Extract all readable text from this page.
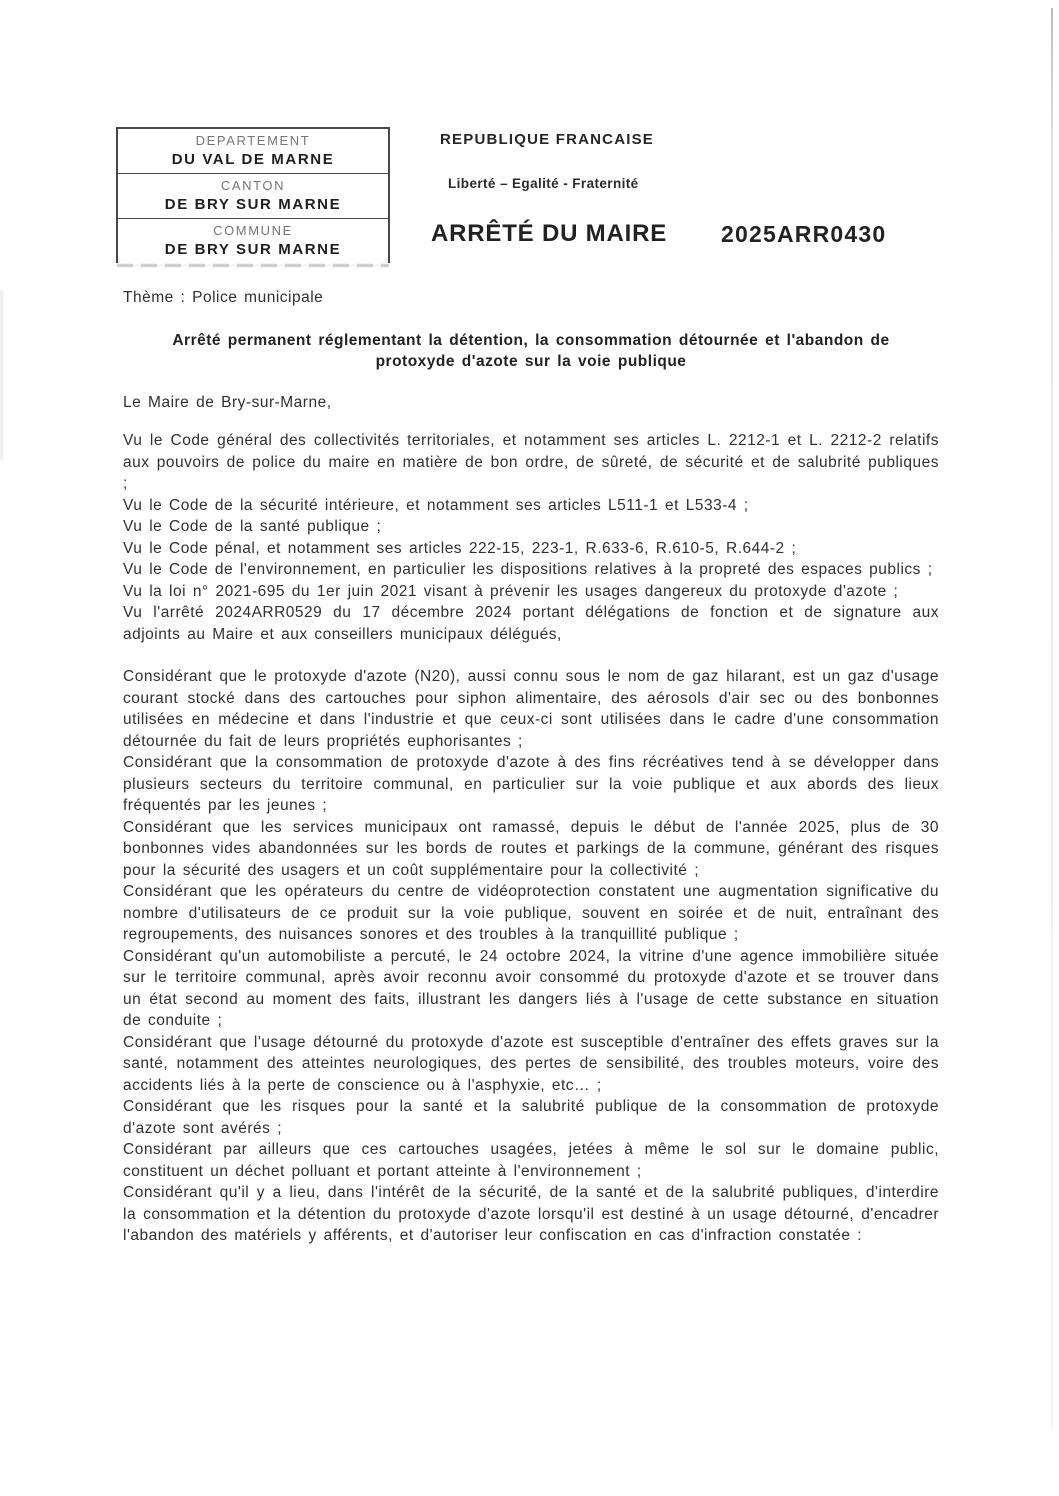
DEPARTEMENT
DU VAL DE MARNE
CANTON
DE BRY SUR MARNE
COMMUNE
DE BRY SUR MARNE
REPUBLIQUE FRANCAISE
Liberté – Egalité - Fraternité
ARRÊTÉ DU MAIRE 2025ARR0430

Thème : Police municipale

Arrêté permanent réglementant la détention, la consommation détournée et l'abandon de protoxyde d'azote sur la voie publique

Le Maire de Bry-sur-Marne,

Vu le Code général des collectivités territoriales, et notamment ses articles L. 2212-1 et L. 2212-2 relatifs aux pouvoirs de police du maire en matière de bon ordre, de sûreté, de sécurité et de salubrité publiques ;

Vu le Code de la sécurité intérieure, et notamment ses articles L511-1 et L533-4 ;

Vu le Code de la santé publique ;

Vu le Code pénal, et notamment ses articles 222-15, 223-1, R.633-6, R.610-5, R.644-2 ;

Vu le Code de l'environnement, en particulier les dispositions relatives à la propreté des espaces publics ;

Vu la loi n° 2021-695 du 1er juin 2021 visant à prévenir les usages dangereux du protoxyde d'azote ;

Vu l'arrêté 2024ARR0529 du 17 décembre 2024 portant délégations de fonction et de signature aux adjoints au Maire et aux conseillers municipaux délégués,

Considérant que le protoxyde d'azote (N20), aussi connu sous le nom de gaz hilarant, est un gaz d'usage courant stocké dans des cartouches pour siphon alimentaire, des aérosols d'air sec ou des bonbonnes utilisées en médecine et dans l'industrie et que ceux-ci sont utilisées dans le cadre d'une consommation détournée du fait de leurs propriétés euphorisantes ;

Considérant que la consommation de protoxyde d'azote à des fins récréatives tend à se développer dans plusieurs secteurs du territoire communal, en particulier sur la voie publique et aux abords des lieux fréquentés par les jeunes ;

Considérant que les services municipaux ont ramassé, depuis le début de l'année 2025, plus de 30 bonbonnes vides abandonnées sur les bords de routes et parkings de la commune, générant des risques pour la sécurité des usagers et un coût supplémentaire pour la collectivité ;

Considérant que les opérateurs du centre de vidéoprotection constatent une augmentation significative du nombre d'utilisateurs de ce produit sur la voie publique, souvent en soirée et de nuit, entraînant des regroupements, des nuisances sonores et des troubles à la tranquillité publique ;

Considérant qu'un automobiliste a percuté, le 24 octobre 2024, la vitrine d'une agence immobilière située sur le territoire communal, après avoir reconnu avoir consommé du protoxyde d'azote et se trouver dans un état second au moment des faits, illustrant les dangers liés à l'usage de cette substance en situation de conduite ;

Considérant que l'usage détourné du protoxyde d'azote est susceptible d'entraîner des effets graves sur la santé, notamment des atteintes neurologiques, des pertes de sensibilité, des troubles moteurs, voire des accidents liés à la perte de conscience ou à l'asphyxie, etc… ;

Considérant que les risques pour la santé et la salubrité publique de la consommation de protoxyde d'azote sont avérés ;

Considérant par ailleurs que ces cartouches usagées, jetées à même le sol sur le domaine public, constituent un déchet polluant et portant atteinte à l'environnement ;

Considérant qu'il y a lieu, dans l'intérêt de la sécurité, de la santé et de la salubrité publiques, d'interdire la consommation et la détention du protoxyde d'azote lorsqu'il est destiné à un usage détourné, d'encadrer l'abandon des matériels y afférents, et d'autoriser leur confiscation en cas d'infraction constatée :
